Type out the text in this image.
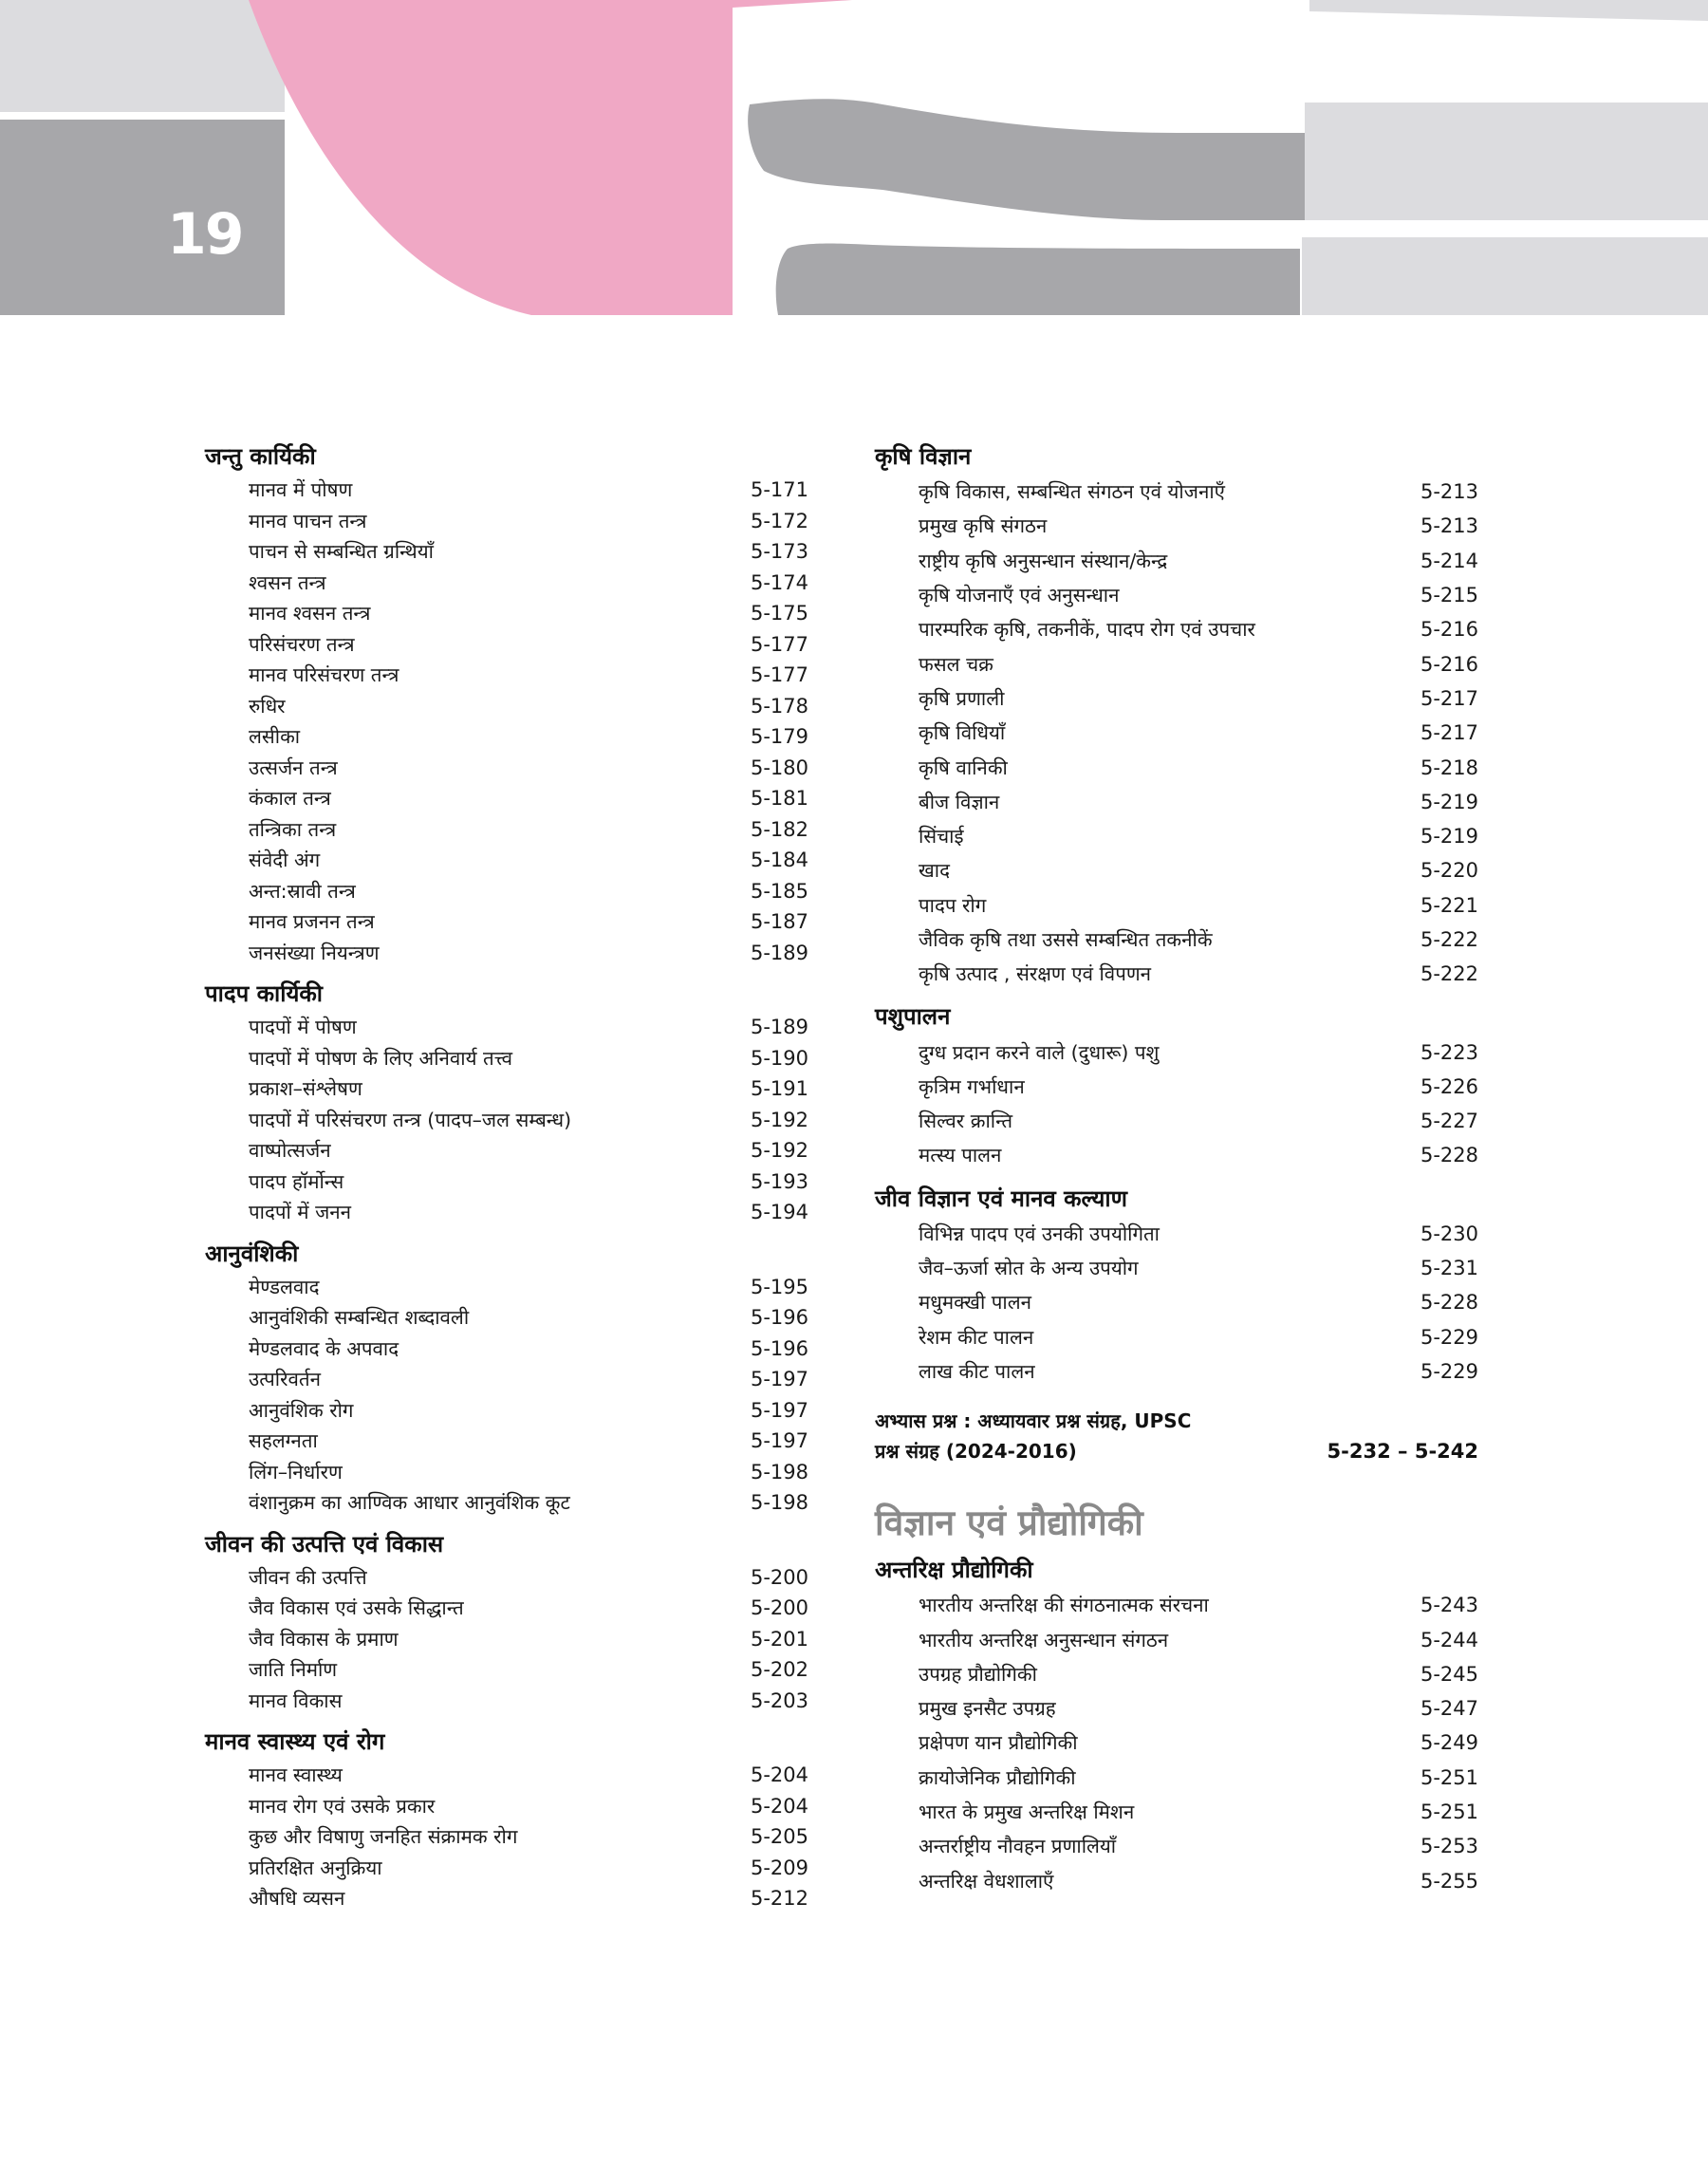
19
जन्तु कार्यिकी
मानव में पोषण	5-171
मानव पाचन तन्त्र	5-172
पाचन से सम्बन्धित ग्रन्थियाँ	5-173
श्वसन तन्त्र	5-174
मानव श्वसन तन्त्र	5-175
परिसंचरण तन्त्र	5-177
मानव परिसंचरण तन्त्र	5-177
रुधिर	5-178
लसीका	5-179
उत्सर्जन तन्त्र	5-180
कंकाल तन्त्र	5-181
तन्त्रिका तन्त्र	5-182
संवेदी अंग	5-184
अन्त:स्रावी तन्त्र	5-185
मानव प्रजनन तन्त्र	5-187
जनसंख्या नियन्त्रण	5-189
पादप कार्यिकी
पादपों में पोषण	5-189
पादपों में पोषण के लिए अनिवार्य तत्त्व	5-190
प्रकाश–संश्लेषण	5-191
पादपों में परिसंचरण तन्त्र (पादप–जल सम्बन्ध)	5-192
वाष्पोत्सर्जन	5-192
पादप हॉर्मोन्स	5-193
पादपों में जनन	5-194
आनुवंशिकी
मेण्डलवाद	5-195
आनुवंशिकी सम्बन्धित शब्दावली	5-196
मेण्डलवाद के अपवाद	5-196
उत्परिवर्तन	5-197
आनुवंशिक रोग	5-197
सहलग्नता	5-197
लिंग–निर्धारण	5-198
वंशानुक्रम का आण्विक आधार आनुवंशिक कूट	5-198
जीवन की उत्पत्ति एवं विकास
जीवन की उत्पत्ति	5-200
जैव विकास एवं उसके सिद्धान्त	5-200
जैव विकास के प्रमाण	5-201
जाति निर्माण	5-202
मानव विकास	5-203
मानव स्वास्थ्य एवं रोग
मानव स्वास्थ्य	5-204
मानव रोग एवं उसके प्रकार	5-204
कुछ और विषाणु जनहित संक्रामक रोग	5-205
प्रतिरक्षित अनुक्रिया	5-209
औषधि व्यसन	5-212
कृषि विज्ञान
कृषि विकास, सम्बन्धित संगठन एवं योजनाएँ	5-213
प्रमुख कृषि संगठन	5-213
राष्ट्रीय कृषि अनुसन्धान संस्थान/केन्द्र	5-214
कृषि योजनाएँ एवं अनुसन्धान	5-215
पारम्परिक कृषि, तकनीकें, पादप रोग एवं उपचार	5-216
फसल चक्र	5-216
कृषि प्रणाली	5-217
कृषि विधियाँ	5-217
कृषि वानिकी	5-218
बीज विज्ञान	5-219
सिंचाई	5-219
खाद	5-220
पादप रोग	5-221
जैविक कृषि तथा उससे सम्बन्धित तकनीकें	5-222
कृषि उत्पाद , संरक्षण एवं विपणन	5-222
पशुपालन
दुग्ध प्रदान करने वाले (दुधारू) पशु	5-223
कृत्रिम गर्भाधान	5-226
सिल्वर क्रान्ति	5-227
मत्स्य पालन	5-228
जीव विज्ञान एवं मानव कल्याण
विभिन्न पादप एवं उनकी उपयोगिता	5-230
जैव–ऊर्जा स्रोत के अन्य उपयोग	5-231
मधुमक्खी पालन	5-228
रेशम कीट पालन	5-229
लाख कीट पालन	5-229
अभ्यास प्रश्न : अध्यायवार प्रश्न संग्रह, UPSC
प्रश्न संग्रह (2024-2016)	5-232 – 5-242
विज्ञान एवं प्रौद्योगिकी
अन्तरिक्ष प्रौद्योगिकी
भारतीय अन्तरिक्ष की संगठनात्मक संरचना	5-243
भारतीय अन्तरिक्ष अनुसन्धान संगठन	5-244
उपग्रह प्रौद्योगिकी	5-245
प्रमुख इनसैट उपग्रह	5-247
प्रक्षेपण यान प्रौद्योगिकी	5-249
क्रायोजेनिक प्रौद्योगिकी	5-251
भारत के प्रमुख अन्तरिक्ष मिशन	5-251
अन्तर्राष्ट्रीय नौवहन प्रणालियाँ	5-253
अन्तरिक्ष वेधशालाएँ	5-255
